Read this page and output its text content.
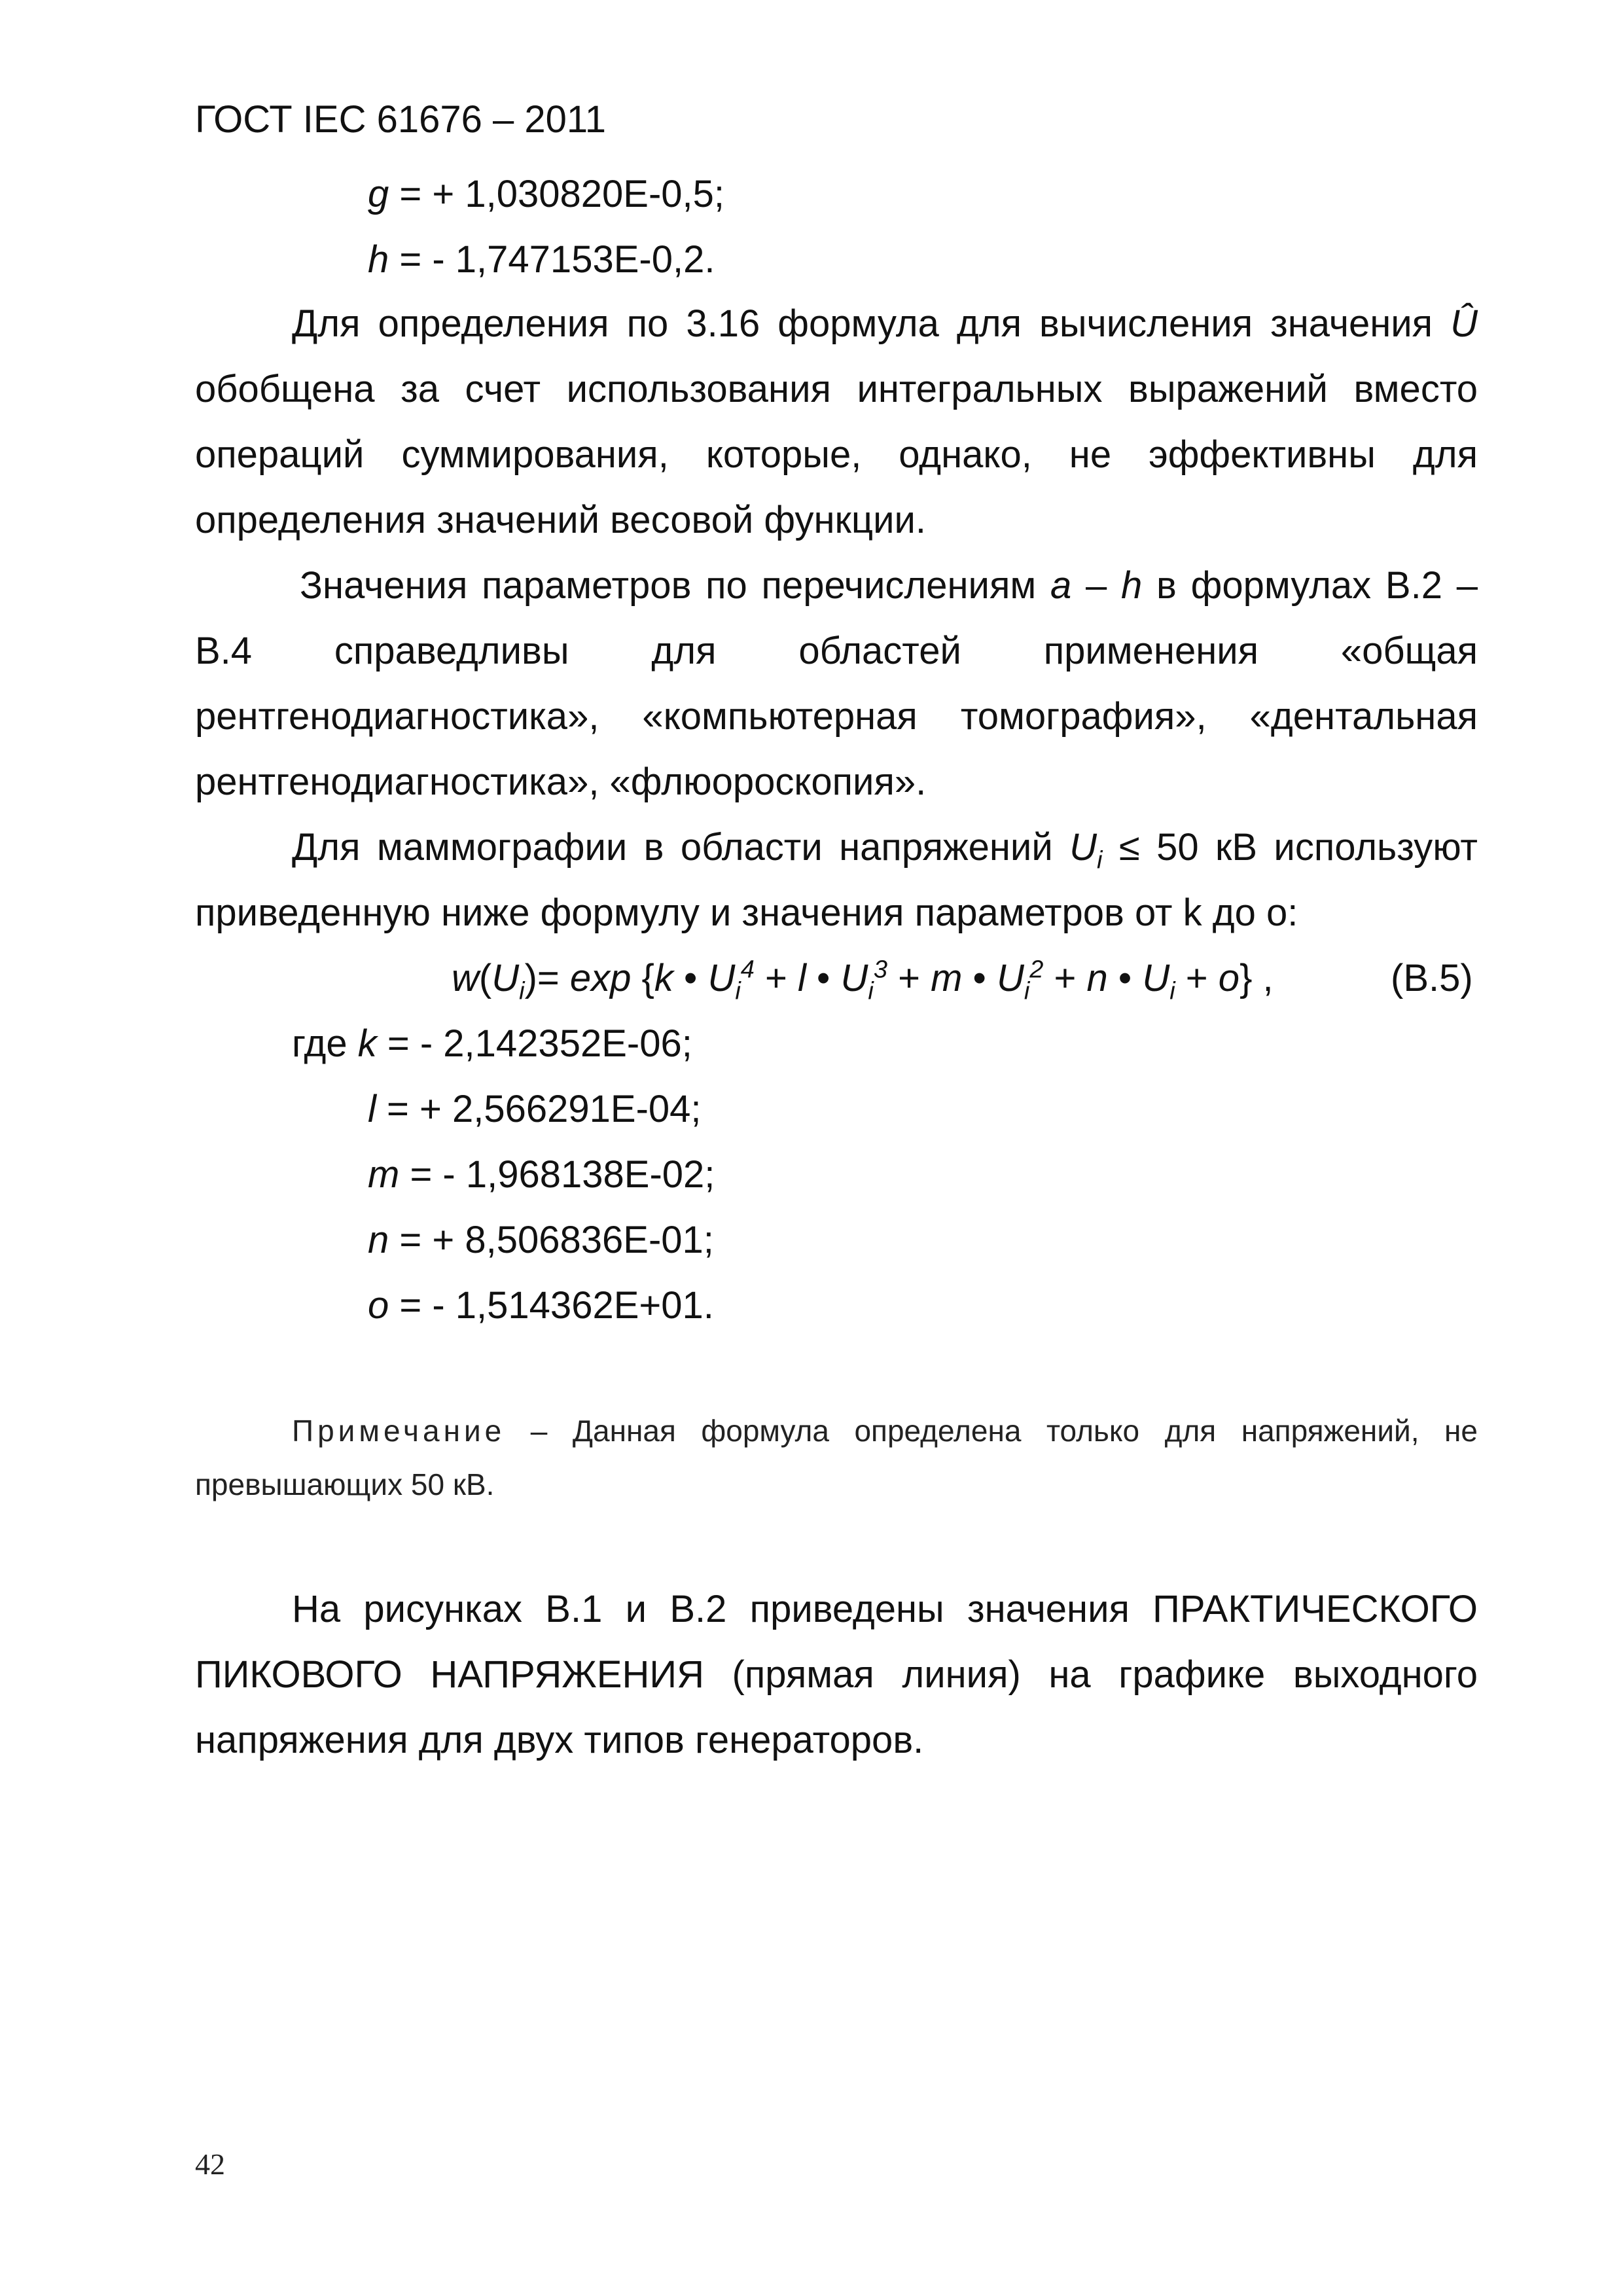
ГОСТ IEC 61676 – 2011
g = + 1,030820E-0,5;
h = - 1,747153E-0,2.
Для определения по 3.16 формула для вычисления значения Û
обобщена за счет использования интегральных выражений вместо
операций суммирования, которые, однако, не эффективны для
определения значений весовой функции.
Значения параметров по перечислениям a – h в формулах В.2 –
В.4 справедливы для областей применения «общая
рентгенодиагностика», «компьютерная томография», «дентальная
рентгенодиагностика», «флюороскопия».
Для маммографии в области напряжений $U_i \le 50$ кВ используют
приведенную ниже формулу и значения параметров от k до o:
$w(U_i)= \exp \{k$ • $U_i^4 + l$ • $U_i^3 + m$ • $U_i^2 + n$ • $U_i + o$} ,	(В.5)
где k = - 2,142352E-06;
l = + 2,566291E-04;
m = - 1,968138E-02;
n = + 8,506836E-01;
o = - 1,514362E+01.
Примечание – Данная формула определена только для напряжений, не
превышающих 50 кВ.
На рисунках В.1 и В.2 приведены значения ПРАКТИЧЕСКОГО
ПИКОВОГО НАПРЯЖЕНИЯ (прямая линия) на графике выходного
напряжения для двух типов генераторов.
42
